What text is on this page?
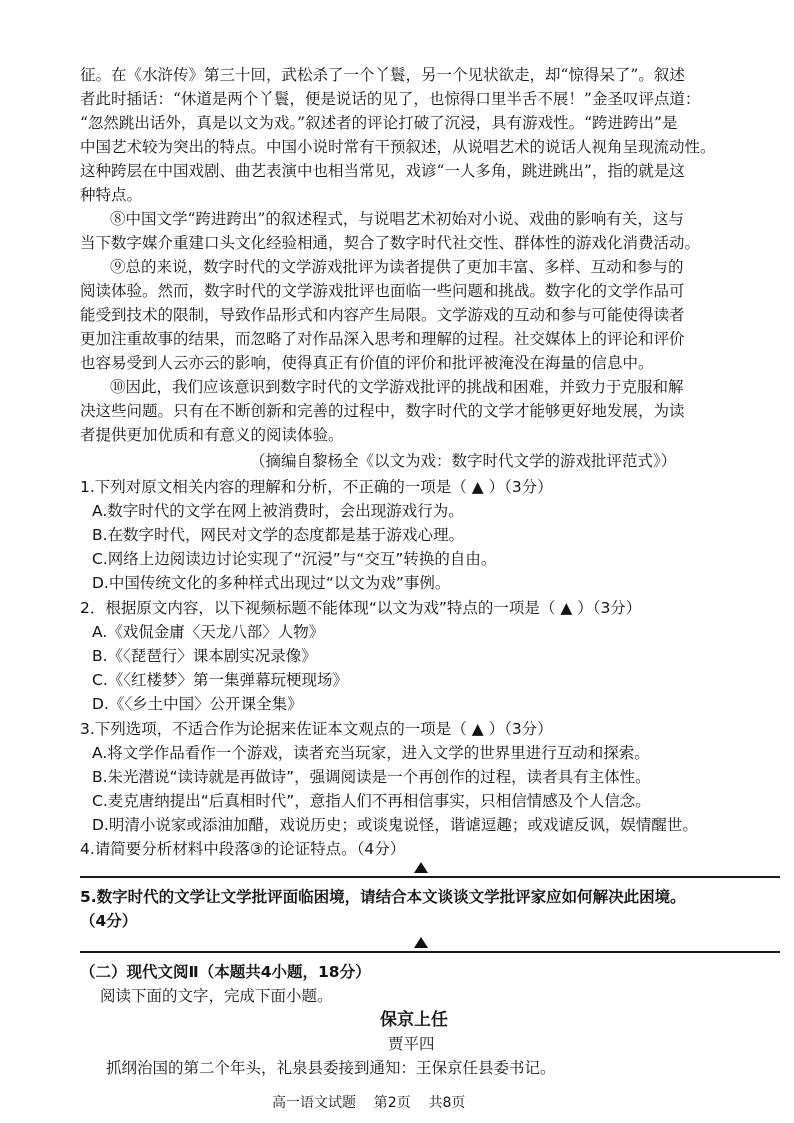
征。在《水浒传》第三十回，武松杀了一个丫鬟，另一个见状欲走，却“惊得呆了”。叙述
者此时插话：“休道是两个丫鬟，便是说话的见了，也惊得口里半舌不展！”金圣叹评点道：
“忽然跳出话外，真是以文为戏。”叙述者的评论打破了沉浸，具有游戏性。“跨进跨出”是
中国艺术较为突出的特点。中国小说时常有干预叙述，从说唱艺术的说话人视角呈现流动性。
这种跨层在中国戏剧、曲艺表演中也相当常见，戏谚“一人多角，跳进跳出”，指的就是这
种特点。
⑧中国文学“跨进跨出”的叙述程式，与说唱艺术初始对小说、戏曲的影响有关，这与
当下数字媒介重建口头文化经验相通，契合了数字时代社交性、群体性的游戏化消费活动。
⑨总的来说，数字时代的文学游戏批评为读者提供了更加丰富、多样、互动和参与的
阅读体验。然而，数字时代的文学游戏批评也面临一些问题和挑战。数字化的文学作品可
能受到技术的限制，导致作品形式和内容产生局限。文学游戏的互动和参与可能使得读者
更加注重故事的结果，而忽略了对作品深入思考和理解的过程。社交媒体上的评论和评价
也容易受到人云亦云的影响，使得真正有价值的评价和批评被淹没在海量的信息中。
⑩因此，我们应该意识到数字时代的文学游戏批评的挑战和困难，并致力于克服和解
决这些问题。只有在不断创新和完善的过程中，数字时代的文学才能够更好地发展，为读
者提供更加优质和有意义的阅读体验。
（摘编自黎杨全《以文为戏：数字时代文学的游戏批评范式》）
1.下列对原文相关内容的理解和分析，不正确的一项是（ ▲ ）（3分）
A.数字时代的文学在网上被消费时，会出现游戏行为。
B.在数字时代，网民对文学的态度都是基于游戏心理。
C.网络上边阅读边讨论实现了“沉浸”与“交互”转换的自由。
D.中国传统文化的多种样式出现过“以文为戏”事例。
2．根据原文内容，以下视频标题不能体现“以文为戏”特点的一项是（ ▲ ）（3分）
A.《戏侃金庸〈天龙八部〉人物》
B.《〈琵琶行〉课本剧实况录像》
C.《〈红楼梦〉第一集弹幕玩梗现场》
D.《〈乡土中国〉公开课全集》
3.下列选项，不适合作为论据来佐证本文观点的一项是（ ▲ ）（3分）
A.将文学作品看作一个游戏，读者充当玩家，进入文学的世界里进行互动和探索。
B.朱光潜说“读诗就是再做诗”，强调阅读是一个再创作的过程，读者具有主体性。
C.麦克唐纳提出“后真相时代”，意指人们不再相信事实，只相信情感及个人信念。
D.明清小说家或添油加醋，戏说历史；或谈鬼说怪，谐谑逗趣；或戏谑反讽，娱情醒世。
4.请简要分析材料中段落③的论证特点。（4分）
5.数字时代的文学让文学批评面临困境，请结合本文谈谈文学批评家应如何解决此困境。
（4分）
（二）现代文阅Ⅱ（本题共4小题，18分）
阅读下面的文字，完成下面小题。
保京上任
贾平四
抓纲治国的第二个年头，礼泉县委接到通知：王保京任县委书记。
高一语文试题    第2页    共8页
